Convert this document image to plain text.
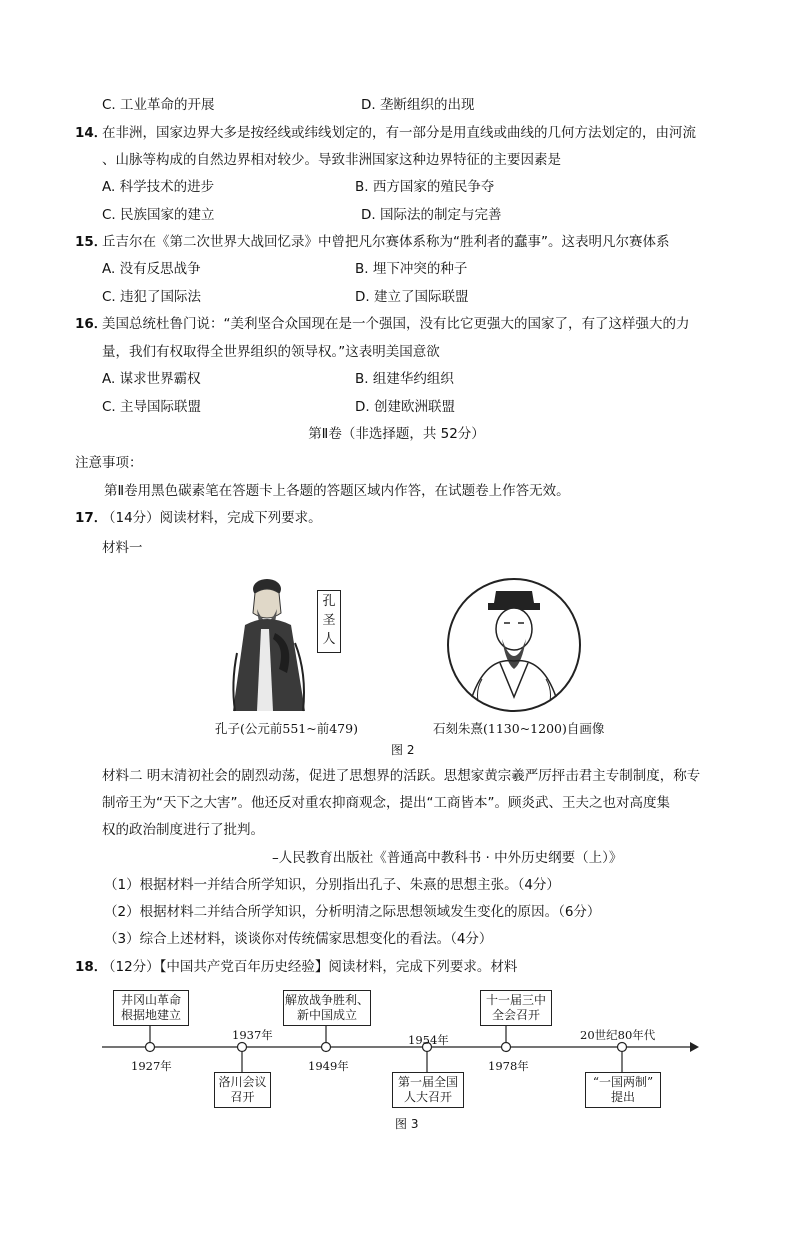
C. 工业革命的开展	D. 垄断组织的出现
14．
在非洲，国家边界大多是按经线或纬线划定的，有一部分是用直线或曲线的几何方法划定的，由河流
、山脉等构成的自然边界相对较少。导致非洲国家这种边界特征的主要因素是
A. 科学技术的进步	B. 西方国家的殖民争夺
C. 民族国家的建立	D. 国际法的制定与完善
15．
丘吉尔在《第二次世界大战回忆录》中曾把凡尔赛体系称为“胜利者的蠢事”。这表明凡尔赛体系
A. 没有反思战争	B. 埋下冲突的种子
C. 违犯了国际法	D. 建立了国际联盟
16．
美国总统杜鲁门说：“美利坚合众国现在是一个强国，没有比它更强大的国家了，有了这样强大的力
量，我们有权取得全世界组织的领导权。”这表明美国意欲
A. 谋求世界霸权	B. 组建华约组织
C. 主导国际联盟	D. 创建欧洲联盟
第Ⅱ卷（非选择题，共 52分）
注意事项：
第Ⅱ卷用黑色碳素笔在答题卡上各题的答题区域内作答，在试题卷上作答无效。
17．
（14分）阅读材料，完成下列要求。
材料一
孔圣人
孔子(公元前551~前479)	石刻朱熹(1130~1200)自画像
图 2
材料二 明末清初社会的剧烈动荡，促进了思想界的活跃。思想家黄宗羲严厉抨击君主专制制度，称专
制帝王为“天下之大害”。他还反对重农抑商观念，提出“工商皆本”。顾炎武、王夫之也对高度集
权的政治制度进行了批判。
–人民教育出版社《普通高中教科书 · 中外历史纲要（上）》
（1）根据材料一并结合所学知识，分别指出孔子、朱熹的思想主张。（4分）
（2）根据材料二并结合所学知识，分析明清之际思想领域发生变化的原因。（6分）
（3）综合上述材料，谈谈你对传统儒家思想变化的看法。（4分）
18．
（12分）【中国共产党百年历史经验】阅读材料，完成下列要求。材料
井冈山革命
根据地建立
解放战争胜利、
新中国成立
十一届三中
全会召开
洛川会议
召开
第一届全国
人大召开
“一国两制”
提出
1927年	1949年	1978年
1937年	1954年	20世纪80年代
图 3
